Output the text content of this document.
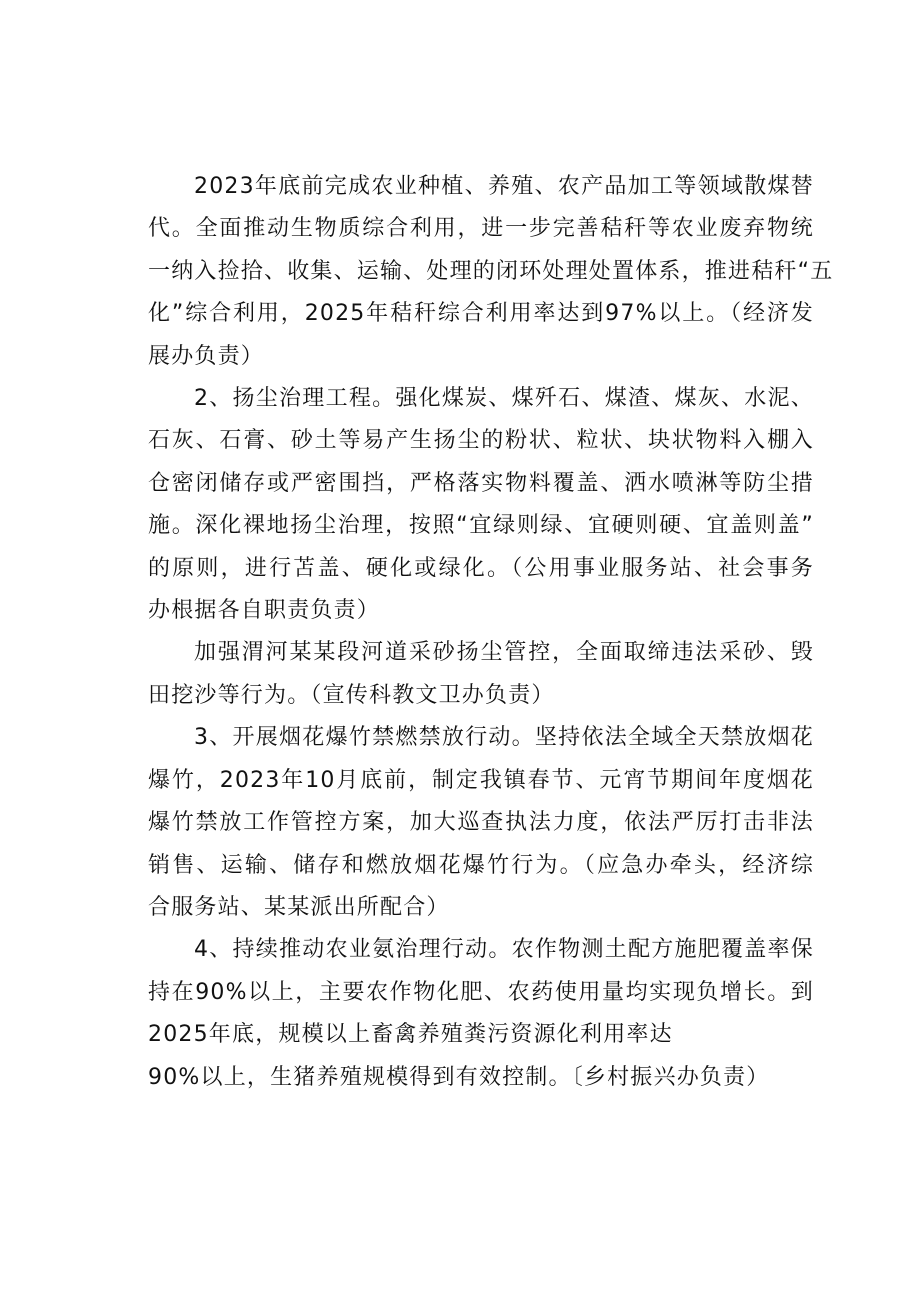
2023年底前完成农业种植、养殖、农产品加工等领域散煤替
代。全面推动生物质综合利用，进一步完善秸秆等农业废弃物统
一纳入捡拾、收集、运输、处理的闭环处理处置体系，推进秸秆“五
化”综合利用，2025年秸秆综合利用率达到97%以上。（经济发
展办负责）
2、扬尘治理工程。强化煤炭、煤歼石、煤渣、煤灰、水泥、
石灰、石膏、砂土等易产生扬尘的粉状、粒状、块状物料入棚入
仓密闭储存或严密围挡，严格落实物料覆盖、洒水喷淋等防尘措
施。深化裸地扬尘治理，按照“宜绿则绿、宜硬则硬、宜盖则盖”
的原则，进行苫盖、硬化或绿化。（公用事业服务站、社会事务
办根据各自职责负责）
加强渭河某某段河道采砂扬尘管控，全面取缔违法采砂、毁
田挖沙等行为。（宣传科教文卫办负责）
3、开展烟花爆竹禁燃禁放行动。坚持依法全域全天禁放烟花
爆竹，2023年10月底前，制定我镇春节、元宵节期间年度烟花
爆竹禁放工作管控方案，加大巡查执法力度，依法严厉打击非法
销售、运输、储存和燃放烟花爆竹行为。（应急办牵头，经济综
合服务站、某某派出所配合）
4、持续推动农业氨治理行动。农作物测土配方施肥覆盖率保
持在90%以上，主要农作物化肥、农药使用量均实现负增长。到
2025年底，规模以上畜禽养殖粪污资源化利用率达
90%以上，生猪养殖规模得到有效控制。〔乡村振兴办负责）
